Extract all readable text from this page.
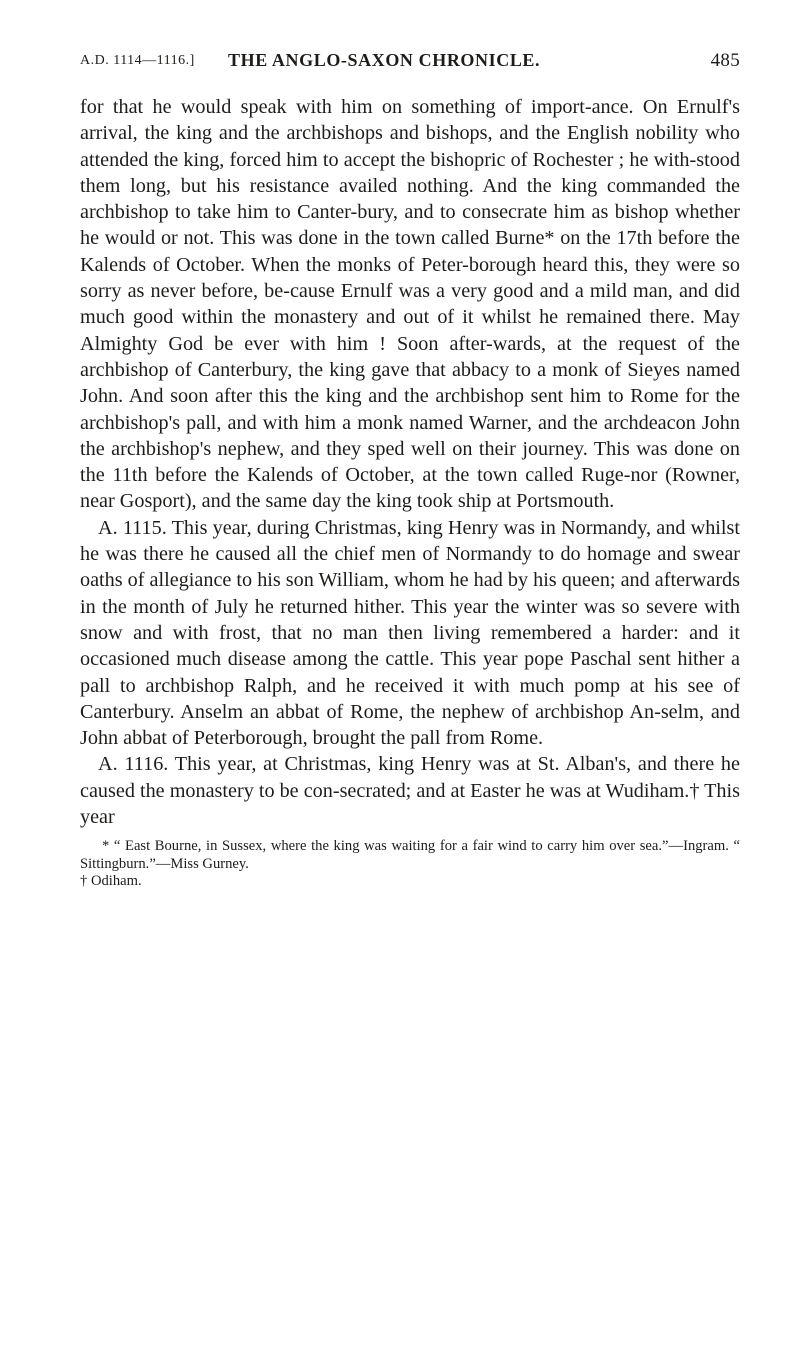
A.D. 1114—1116.] THE ANGLO-SAXON CHRONICLE.	485

for that he would speak with him on something of import-ance. On Ernulf's arrival, the king and the archbishops and bishops, and the English nobility who attended the king, forced him to accept the bishopric of Rochester ; he with-stood them long, but his resistance availed nothing. And the king commanded the archbishop to take him to Canter-bury, and to consecrate him as bishop whether he would or not. This was done in the town called Burne* on the 17th before the Kalends of October. When the monks of Peter-borough heard this, they were so sorry as never before, be-cause Ernulf was a very good and a mild man, and did much good within the monastery and out of it whilst he remained there. May Almighty God be ever with him ! Soon after-wards, at the request of the archbishop of Canterbury, the king gave that abbacy to a monk of Sieyes named John. And soon after this the king and the archbishop sent him to Rome for the archbishop's pall, and with him a monk named Warner, and the archdeacon John the archbishop's nephew, and they sped well on their journey. This was done on the 11th before the Kalends of October, at the town called Ruge-nor (Rowner, near Gosport), and the same day the king took ship at Portsmouth.

A. 1115. This year, during Christmas, king Henry was in Normandy, and whilst he was there he caused all the chief men of Normandy to do homage and swear oaths of allegiance to his son William, whom he had by his queen; and afterwards in the month of July he returned hither. This year the winter was so severe with snow and with frost, that no man then living remembered a harder: and it occasioned much disease among the cattle. This year pope Paschal sent hither a pall to archbishop Ralph, and he received it with much pomp at his see of Canterbury. Anselm an abbat of Rome, the nephew of archbishop An-selm, and John abbat of Peterborough, brought the pall from Rome.

A. 1116. This year, at Christmas, king Henry was at St. Alban's, and there he caused the monastery to be con-secrated; and at Easter he was at Wudiham.† This year

* “ East Bourne, in Sussex, where the king was waiting for a fair wind to carry him over sea.”—Ingram. “ Sittingburn.”—Miss Gurney.

† Odiham.
